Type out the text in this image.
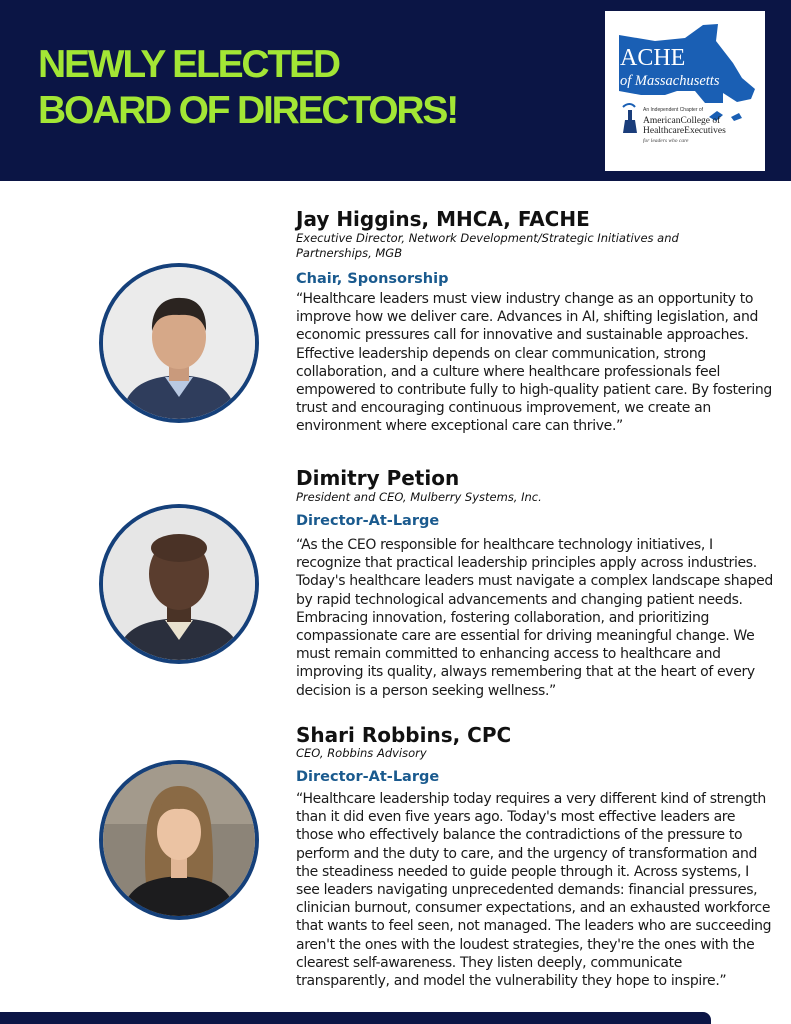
NEWLY ELECTED
BOARD OF DIRECTORS!
ACHE
of Massachusetts
An Independent Chapter of
AmericanCollege of
HealthcareExecutives
for leaders who care
Jay Higgins, MHCA, FACHE

Executive Director, Network Development/Strategic Initiatives and Partnerships, MGB

Chair, Sponsorship

“Healthcare leaders must view industry change as an opportunity to improve how we deliver care. Advances in AI, shifting legislation, and economic pressures call for innovative and sustainable approaches. Effective leadership depends on clear communication, strong collaboration, and a culture where healthcare professionals feel empowered to contribute fully to high-quality patient care. By fostering trust and encouraging continuous improvement, we create an environment where exceptional care can thrive.”

Dimitry Petion

President and CEO, Mulberry Systems, Inc.

Director-At-Large

“As the CEO responsible for healthcare technology initiatives, I recognize that practical leadership principles apply across industries. Today's healthcare leaders must navigate a complex landscape shaped by rapid technological advancements and changing patient needs. Embracing innovation, fostering collaboration, and prioritizing compassionate care are essential for driving meaningful change. We must remain committed to enhancing access to healthcare and improving its quality, always remembering that at the heart of every decision is a person seeking wellness.”

Shari Robbins, CPC

CEO, Robbins Advisory

Director-At-Large

“Healthcare leadership today requires a very different kind of strength than it did even five years ago. Today's most effective leaders are those who effectively balance the contradictions of the pressure to perform and the duty to care, and the urgency of transformation and the steadiness needed to guide people through it. Across systems, I see leaders navigating unprecedented demands: financial pressures, clinician burnout, consumer expectations, and an exhausted workforce that wants to feel seen, not managed. The leaders who are succeeding aren't the ones with the loudest strategies, they're the ones with the clearest self-awareness. They listen deeply, communicate transparently, and model the vulnerability they hope to inspire.”
